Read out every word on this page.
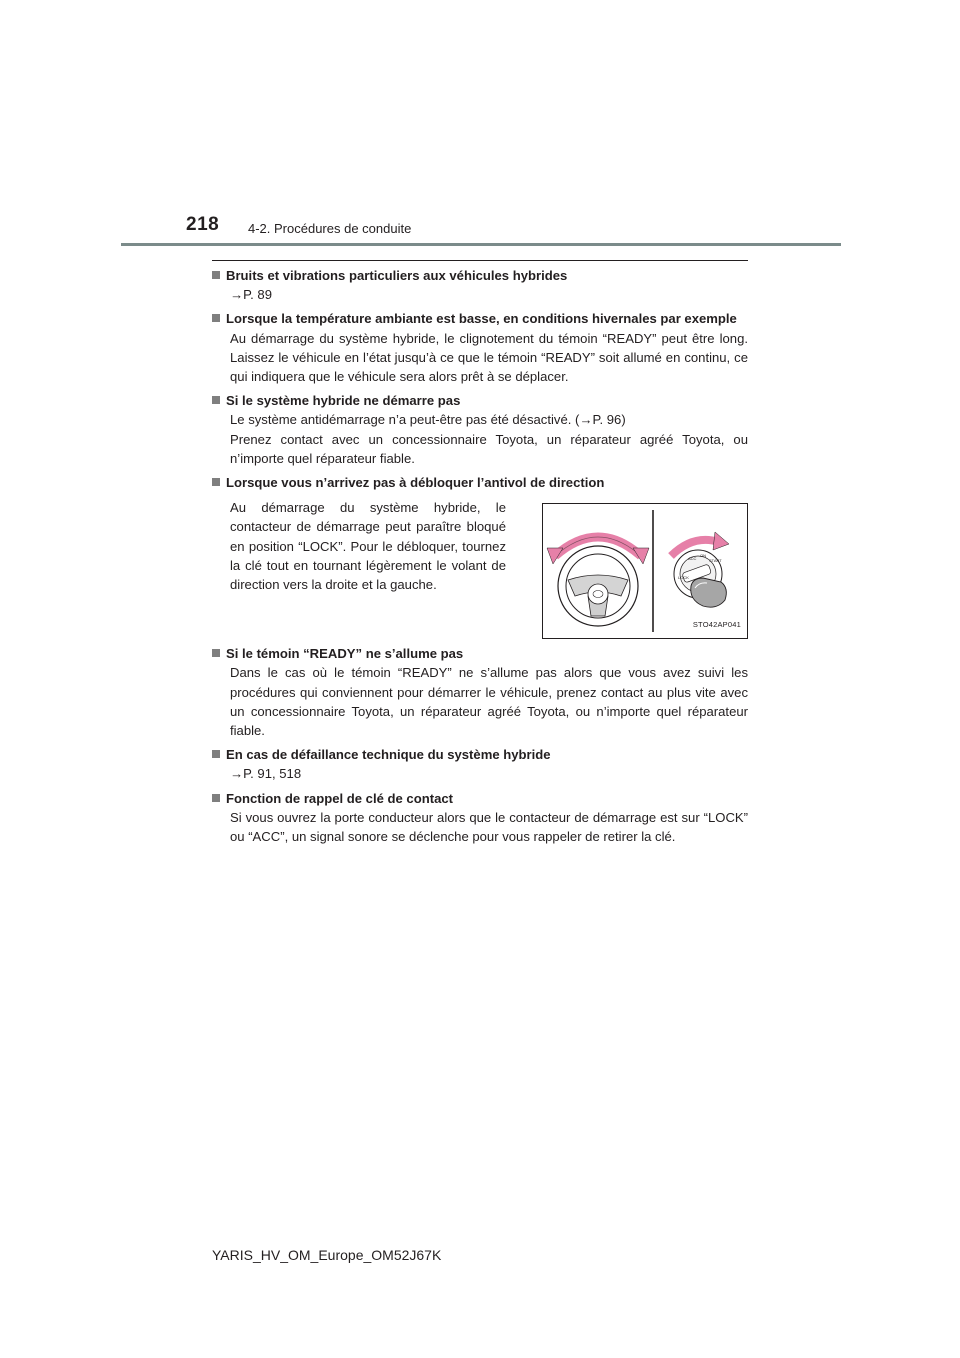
218 4-2. Procédures de conduite
Bruits et vibrations particuliers aux véhicules hybrides

→P. 89

Lorsque la température ambiante est basse, en conditions hivernales par exemple

Au démarrage du système hybride, le clignotement du témoin “READY” peut être long. Laissez le véhicule en l’état jusqu’à ce que le témoin “READY” soit allumé en continu, ce qui indiquera que le véhicule sera alors prêt à se déplacer.

Si le système hybride ne démarre pas

Le système antidémarrage n’a peut-être pas été désactivé. (→P. 96)

Prenez contact avec un concessionnaire Toyota, un réparateur agréé Toyota, ou n’importe quel réparateur fiable.

Lorsque vous n’arrivez pas à débloquer l’antivol de direction

Au démarrage du système hybride, le contacteur de démarrage peut paraître bloqué en position “LOCK”. Pour le débloquer, tournez la clé tout en tournant légèrement le volant de direction vers la droite et la gauche.	LOCK
ACC
ON
START
STO42AP041
Si le témoin “READY” ne s’allume pas

Dans le cas où le témoin “READY” ne s’allume pas alors que vous avez suivi les procédures qui conviennent pour démarrer le véhicule, prenez contact au plus vite avec un concessionnaire Toyota, un réparateur agréé Toyota, ou n’importe quel réparateur fiable.

En cas de défaillance technique du système hybride

→P. 91, 518

Fonction de rappel de clé de contact

Si vous ouvrez la porte conducteur alors que le contacteur de démarrage est sur “LOCK” ou “ACC”, un signal sonore se déclenche pour vous rappeler de retirer la clé.

YARIS_HV_OM_Europe_OM52J67K
